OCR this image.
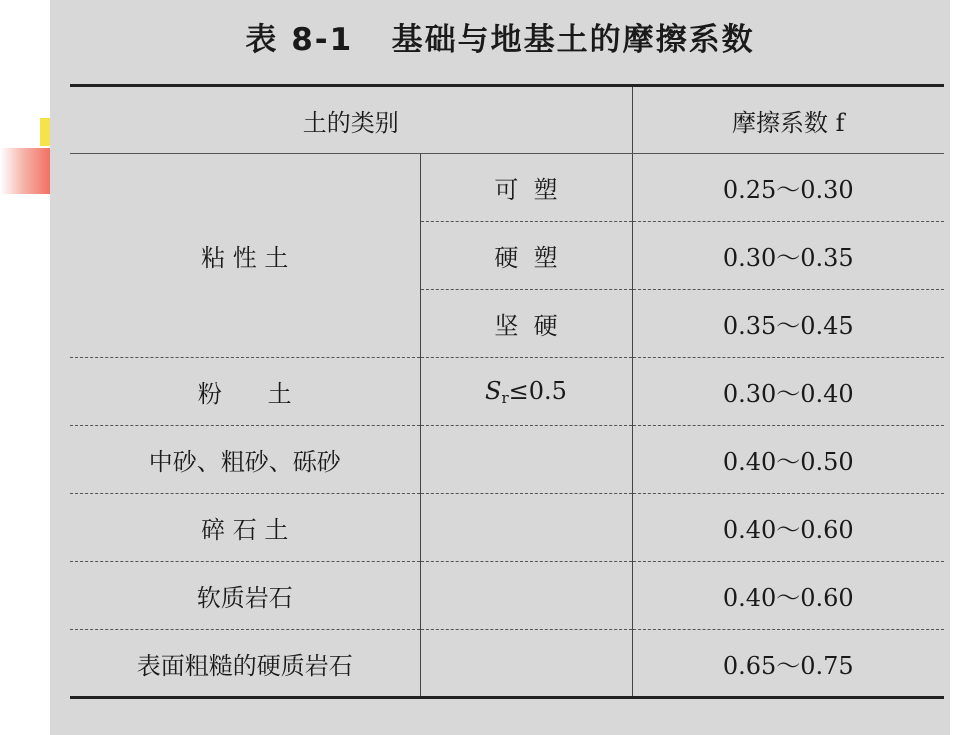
表 8-1   基础与地基土的摩擦系数
土的类别		摩擦系数 f
粘 性 土	可  塑	0.25～0.30
	硬  塑	0.30～0.35
	坚  硬	0.35～0.45
粉      土	$S_r\le 0.5$	0.30～0.40
中砂、粗砂、砾砂		0.40～0.50
碎 石 土		0.40～0.60
软质岩石		0.40～0.60
表面粗糙的硬质岩石		0.65～0.75
